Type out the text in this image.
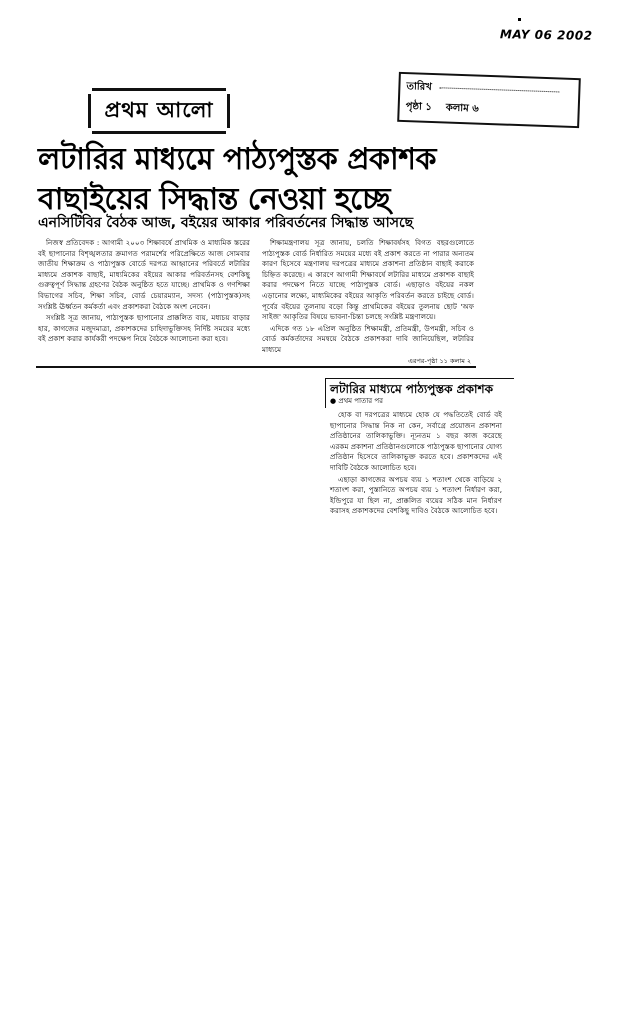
MAY 06 2002
প্রথম আলো
তারিখ
পৃষ্ঠা ১ কলাম ৬
লটারির মাধ্যমে পাঠ্যপুস্তক প্রকাশক
বাছাইয়ের সিদ্ধান্ত নেওয়া হচ্ছে
এনসিটিবির বৈঠক আজ, বইয়ের আকার পরিবর্তনের সিদ্ধান্ত আসছে

নিজস্ব প্রতিবেদক : আগামী ২০০৩ শিক্ষাবর্ষে প্রাথমিক ও মাধ্যমিক স্তরের বই ছাপানোর বিশৃঙ্খলতার ক্রমাগত পরামর্শের পরিপ্রেক্ষিতে আজ সোমবার জাতীয় শিক্ষাক্রম ও পাঠ্যপুস্তক বোর্ডে দরপত্র আহ্বানের পরিবর্তে লটারির মাধ্যমে প্রকাশক বাছাই, মাধ্যমিকের বইয়ের আকার পরিবর্তনসহ বেশকিছু গুরুত্বপূর্ণ সিদ্ধান্ত গ্রহণের বৈঠক অনুষ্ঠিত হতে যাচ্ছে। প্রাথমিক ও গণশিক্ষা বিভাগের সচিব, শিক্ষা সচিব, বোর্ড চেয়ারম্যান, সদস্য (পাঠ্যপুস্তক)সহ সংশ্লিষ্ট ঊর্ধ্বতন কর্মকর্তা এবং প্রকাশকরা বৈঠকে অংশ নেবেন।

সংশ্লিষ্ট সূত্র জানায়, পাঠ্যপুস্তক ছাপানোর প্রাক্কলিত ব্যয়, মধ্যচয় বাড়ার হার, কাগজের মজুদমাত্রা, প্রকাশকদের চাহিদাভুক্তিসহ নির্দিষ্ট সময়ের মধ্যে বই প্রকাশ করার কার্যকরী পদক্ষেপ নিয়ে বৈঠকে আলোচনা করা হবে।

শিক্ষামন্ত্রণালয় সূত্র জানায়, চলতি শিক্ষাবর্ষসহ বিগত বছরগুলোতে পাঠ্যপুস্তক বোর্ড নির্ধারিত সময়ের মধ্যে বই প্রকাশ করতে না পারার অন্যতম কারণ হিসেবে মন্ত্রণালয় দরপত্রের মাধ্যমে প্রকাশনা প্রতিষ্ঠান বাছাই করাকে চিহ্নিত করেছে। এ কারণে আগামী শিক্ষাবর্ষে লটারির মাধ্যমে প্রকাশক বাছাই করার পদক্ষেপ নিতে যাচ্ছে পাঠ্যপুস্তক বোর্ড। এছাড়াও বইয়ের নকল এড়ানোর লক্ষ্যে, মাধ্যমিকের বইয়ের আকৃতি পরিবর্তন করতে চাইছে বোর্ড। পূর্বের বইয়ের তুলনায় বড়ো কিন্তু প্রাথমিকের বইয়ের তুলনায় ছোট 'অফ সাইজ' আকৃতির বিষয়ে ভাবনা-চিন্তা চলছে সংশ্লিষ্ট মন্ত্রণালয়ে।

এদিকে গত ১৮ এপ্রিল অনুষ্ঠিত শিক্ষামন্ত্রী, প্রতিমন্ত্রী, উপমন্ত্রী, সচিব ও বোর্ড কর্মকর্তাদের সমন্বয়ে বৈঠকে প্রকাশকরা দাবি জানিয়েছিল, লটারির মাধ্যমে

এরপর-পৃষ্ঠা ১১ কলাম ২
লটারির মাধ্যমে পাঠ্যপুস্তক প্রকাশক
● প্রথম পাতার পর

হোক বা দরপত্রের মাধ্যমে হোক যে পদ্ধতিতেই বোর্ড বই ছাপানোর সিদ্ধান্ত নিক না কেন, সর্বাগ্রে প্রয়োজন প্রকাশনা প্রতিষ্ঠানের তালিকাভুক্তি। ন্যূনতম ১ বছর কাজ করেছে এরকম প্রকাশনা প্রতিষ্ঠানগুলোকে পাঠ্যপুস্তক ছাপানোর যোগ্য প্রতিষ্ঠান হিসেবে তালিকাভুক্ত করতে হবে। প্রকাশকদের এই দাবিটি বৈঠকে আলোচিত হবে।

এছাড়া কাগজের অপচয় ব্যয় ১ শতাংশ থেকে বাড়িয়ে ২ শতাংশ করা, পুস্তানিতে অপচয় ব্যয় ১ শতাংশ নির্ধারণ করা, ইন্ডিপুরে যা ছিল না, প্রাক্কলিত ব্যয়ের সঠিক মান নির্ধারণ করাসহ প্রকাশকদের বেশকিছু দাবিও বৈঠকে আলোচিত হবে।
